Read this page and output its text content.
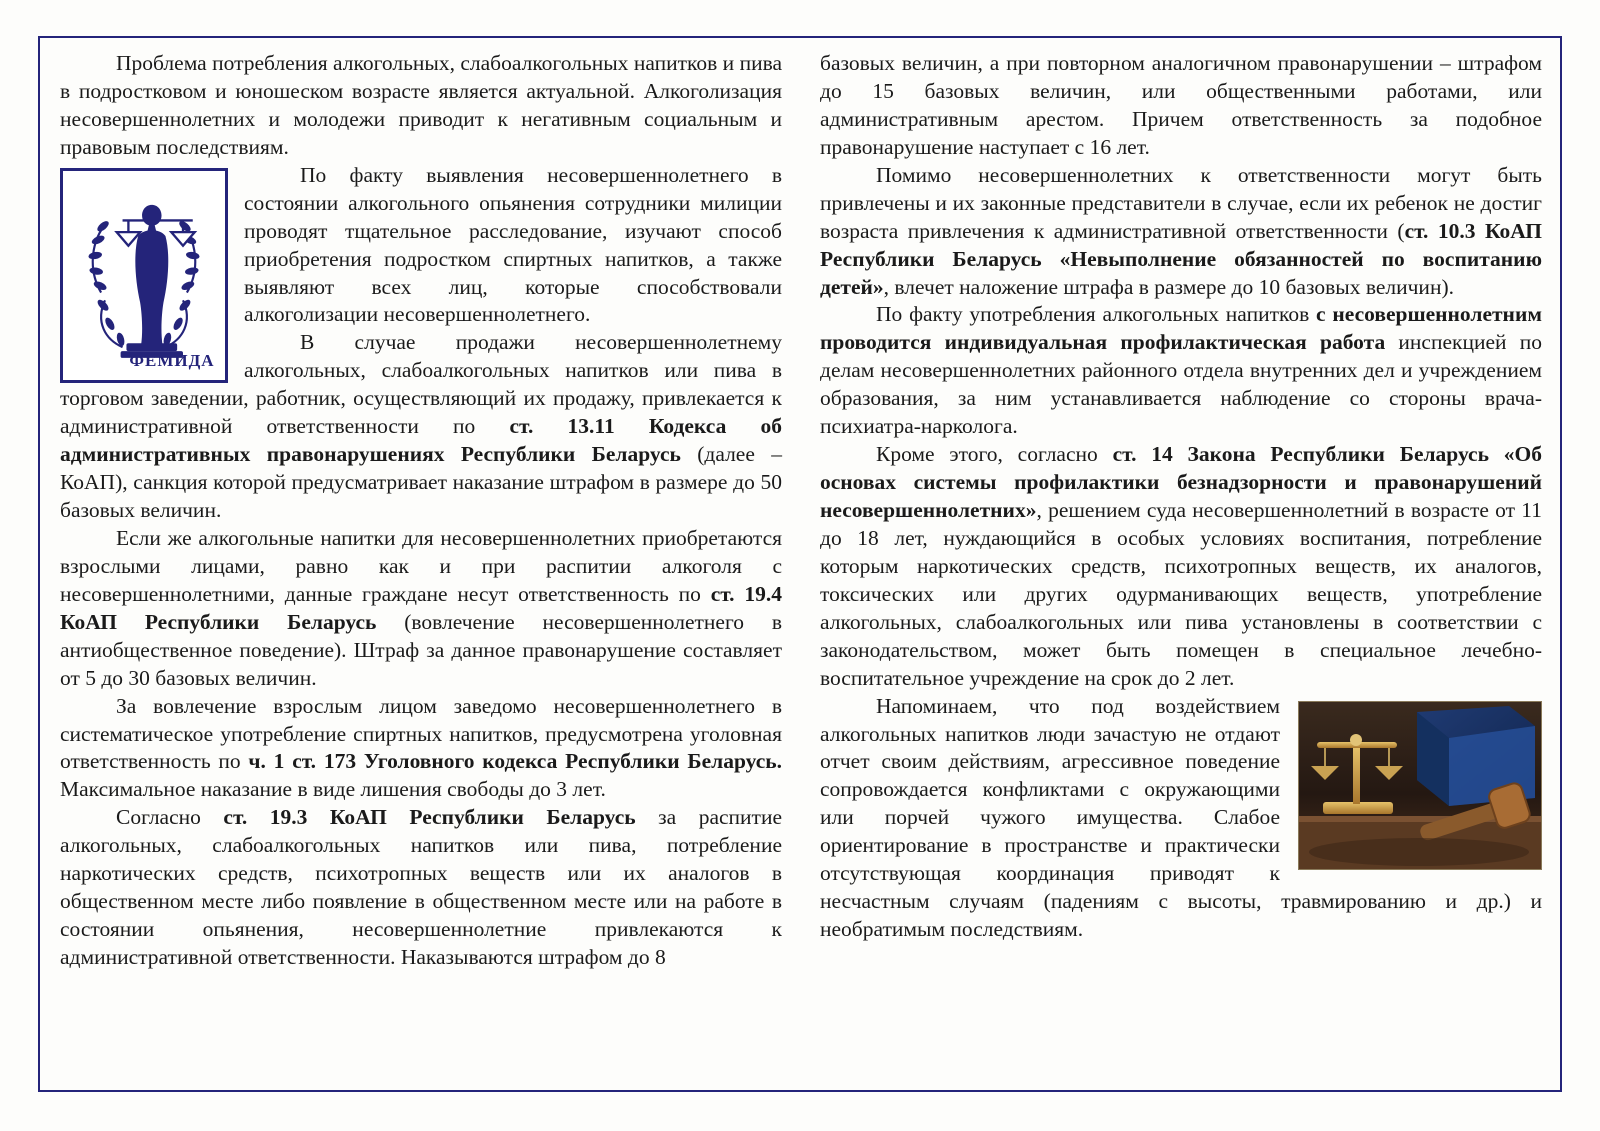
Проблема потребления алкогольных, слабоалкогольных напитков и пива в подростковом и юношеском возрасте является актуальной. Алкоголизация несовершеннолетних и молодежи приводит к негативным социальным и правовым последствиям.

ФЕМИДА
По факту выявления несовершеннолетнего в состоянии алкогольного опьянения сотрудники милиции проводят тщательное расследование, изучают способ приобретения подростком спиртных напитков, а также выявляют всех лиц, которые способствовали алкоголизации несовершеннолетнего.

В случае продажи несовершеннолетнему алкогольных, слабоалкогольных напитков или пива в торговом заведении, работник, осуществляющий их продажу, привлекается к административной ответственности по ст. 13.11 Кодекса об административных правонарушениях Республики Беларусь (далее – КоАП), санкция которой предусматривает наказание штрафом в размере до 50 базовых величин.

Если же алкогольные напитки для несовершеннолетних приобретаются взрослыми лицами, равно как и при распитии алкоголя с несовершеннолетними, данные граждане несут ответственность по ст. 19.4 КоАП Республики Беларусь (вовлечение несовершеннолетнего в антиобщественное поведение). Штраф за данное правонарушение составляет от 5 до 30 базовых величин.

За вовлечение взрослым лицом заведомо несовершеннолетнего в систематическое употребление спиртных напитков, предусмотрена уголовная ответственность по ч. 1 ст. 173 Уголовного кодекса Республики Беларусь. Максимальное наказание в виде лишения свободы до 3 лет.

Согласно ст. 19.3 КоАП Республики Беларусь за распитие алкогольных, слабоалкогольных напитков или пива, потребление наркотических средств, психотропных веществ или их аналогов в общественном месте либо появление в общественном месте или на работе в состоянии опьянения, несовершеннолетние привлекаются к административной ответственности. Наказываются штрафом до 8

базовых величин, а при повторном аналогичном правонарушении – штрафом до 15 базовых величин, или общественными работами, или административным арестом. Причем ответственность за подобное правонарушение наступает с 16 лет.

Помимо несовершеннолетних к ответственности могут быть привлечены и их законные представители в случае, если их ребенок не достиг возраста привлечения к административной ответственности (ст. 10.3 КоАП Республики Беларусь «Невыполнение обязанностей по воспитанию детей», влечет наложение штрафа в размере до 10 базовых величин).

По факту употребления алкогольных напитков с несовершеннолетним проводится индивидуальная профилактическая работа инспекцией по делам несовершеннолетних районного отдела внутренних дел и учреждением образования, за ним устанавливается наблюдение со стороны врача-психиатра-нарколога.

Кроме этого, согласно ст. 14 Закона Республики Беларусь «Об основах системы профилактики безнадзорности и правонарушений несовершеннолетних», решением суда несовершеннолетний в возрасте от 11 до 18 лет, нуждающийся в особых условиях воспитания, потребление которым наркотических средств, психотропных веществ, их аналогов, токсических или других одурманивающих веществ, употребление алкогольных, слабоалкогольных или пива установлены в соответствии с законодательством, может быть помещен в специальное лечебно-воспитательное учреждение на срок до 2 лет.

Напоминаем, что под воздействием алкогольных напитков люди зачастую не отдают отчет своим действиям, агрессивное поведение сопровождается конфликтами с окружающими или порчей чужого имущества. Слабое ориентирование в пространстве и практически отсутствующая координация приводят к несчастным случаям (падениям с высоты, травмированию и др.) и необратимым последствиям.
